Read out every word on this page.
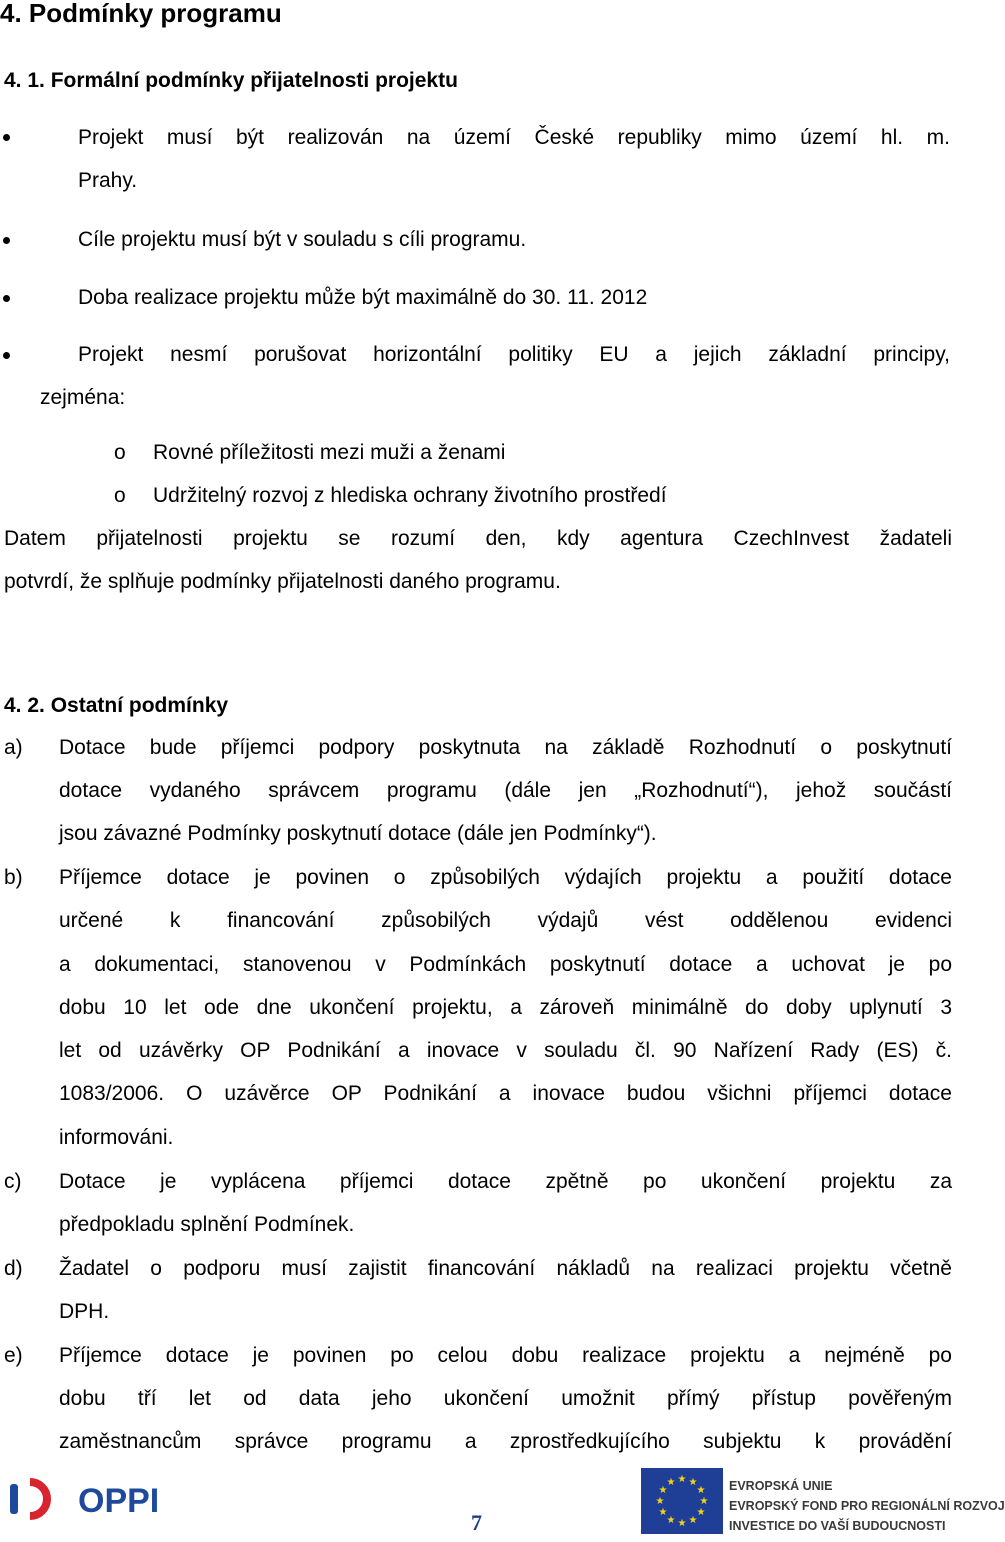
4. Podmínky programu
4. 1. Formální podmínky přijatelnosti projektu
Projekt musí být realizován na území České republiky mimo území hl. m.
Prahy.
Cíle projektu musí být v souladu s cíli programu.
Doba realizace projektu může být maximálně do 30. 11. 2012
Projekt nesmí porušovat horizontální politiky EU a jejich základní principy,
zejména:
o Rovné příležitosti mezi muži a ženami
o Udržitelný rozvoj z hlediska ochrany životního prostředí
Datem přijatelnosti projektu se rozumí den, kdy agentura CzechInvest žadateli
potvrdí, že splňuje podmínky přijatelnosti daného programu.
4. 2. Ostatní podmínky
a) Dotace bude příjemci podpory poskytnuta na základě Rozhodnutí o poskytnutí
dotace vydaného správcem programu (dále jen „Rozhodnutí“), jehož součástí
jsou závazné Podmínky poskytnutí dotace (dále jen Podmínky“).
b) Příjemce dotace je povinen o způsobilých výdajích projektu a použití dotace
určené k financování způsobilých výdajů vést oddělenou evidenci
a dokumentaci, stanovenou v Podmínkách poskytnutí dotace a uchovat je po
dobu 10 let ode dne ukončení projektu, a zároveň minimálně do doby uplynutí 3
let od uzávěrky OP Podnikání a inovace v souladu čl. 90 Nařízení Rady (ES) č.
1083/2006. O uzávěrce OP Podnikání a inovace budou všichni příjemci dotace
informováni.
c) Dotace je vyplácena příjemci dotace zpětně po ukončení projektu za
předpokladu splnění Podmínek.
d) Žadatel o podporu musí zajistit financování nákladů na realizaci projektu včetně
DPH.
e) Příjemce dotace je povinen po celou dobu realizace projektu a nejméně po
dobu tří let od data jeho ukončení umožnit přímý přístup pověřeným
zaměstnancům správce programu a zprostředkujícího subjektu k provádění
OPPI
7
★ ★
★
★
★
★
★
★
★
★
★
★	EVROPSKÁ UNIE
EVROPSKÝ FOND PRO REGIONÁLNÍ ROZVOJ
INVESTICE DO VAŠÍ BUDOUCNOSTI
